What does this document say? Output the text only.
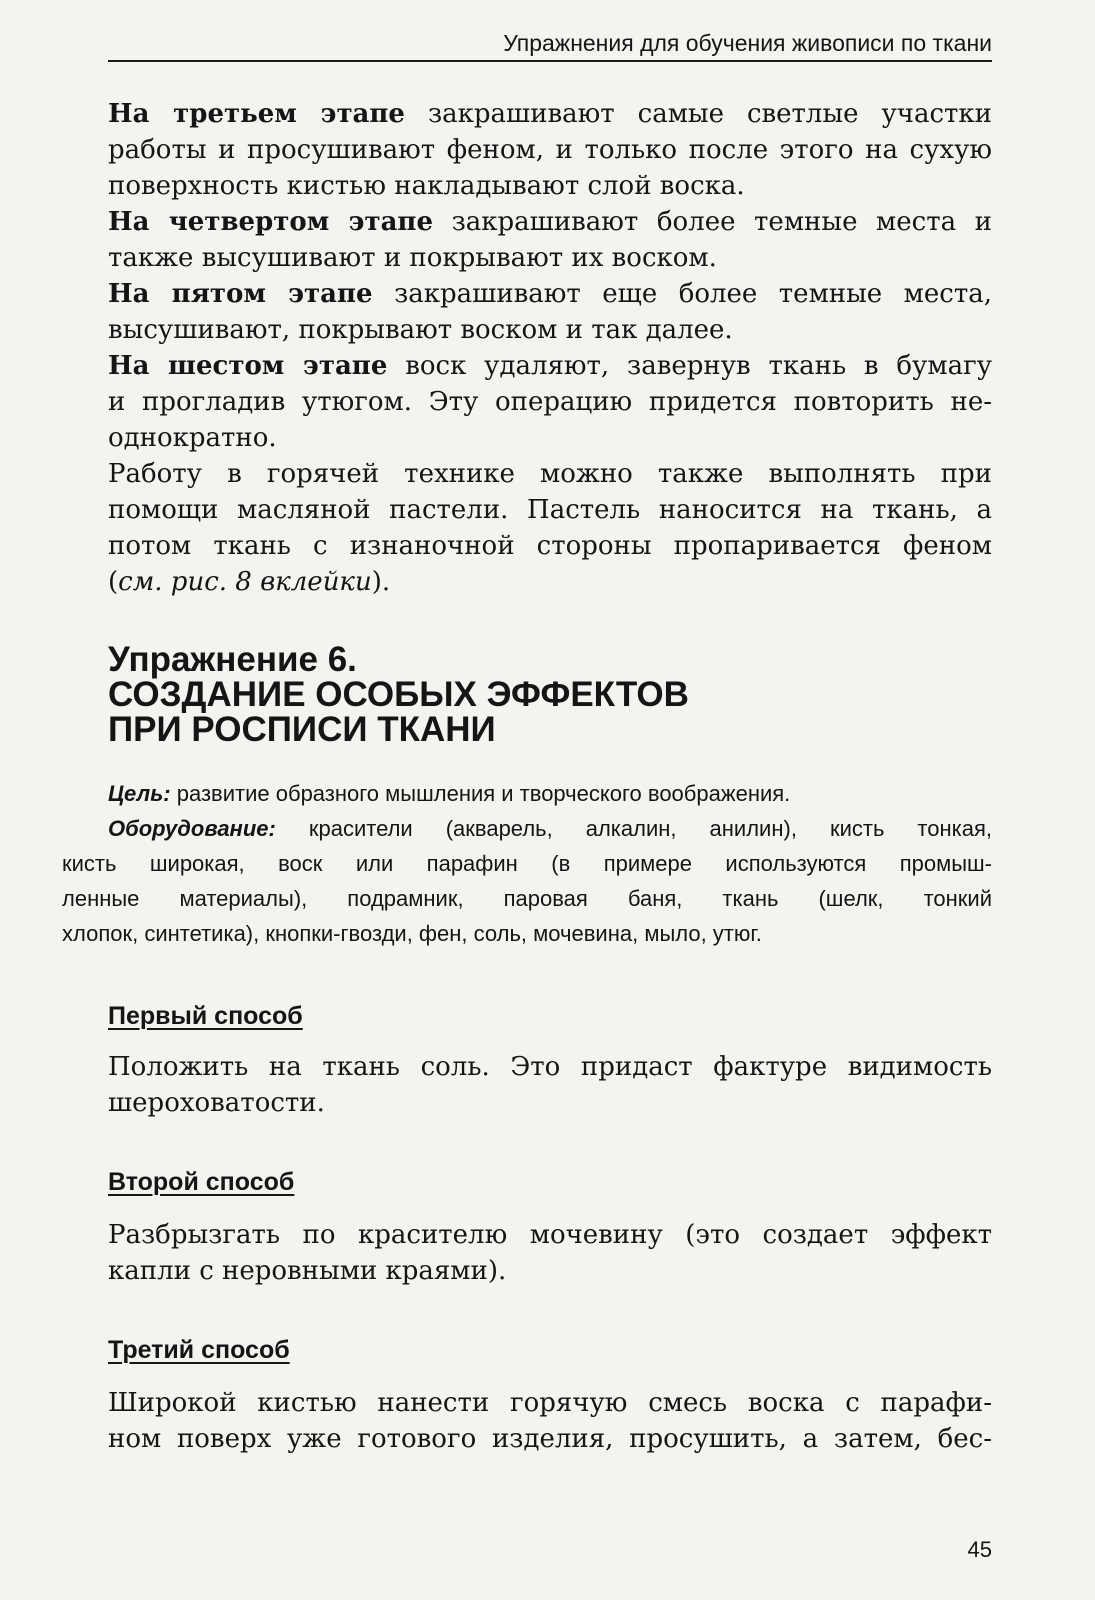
Упражнения для обучения живописи по ткани

На третьем этапе закрашивают самые светлые участки
работы и просушивают феном, и только после этого на сухую
поверхность кистью накладывают слой воска.

На четвертом этапе закрашивают более темные места и
также высушивают и покрывают их воском.

На пятом этапе закрашивают еще более темные места,
высушивают, покрывают воском и так далее.

На шестом этапе воск удаляют, завернув ткань в бумагу
и прогладив утюгом. Эту операцию придется повторить не-
однократно.

Работу в горячей технике можно также выполнять при
помощи масляной пастели. Пастель наносится на ткань, а
потом ткань с изнаночной стороны пропаривается феном
(см. рис. 8 вклейки).

Упражнение 6.
СОЗДАНИЕ ОСОБЫХ ЭФФЕКТОВ
ПРИ РОСПИСИ ТКАНИ
Цель: развитие образного мышления и творческого воображения.
Оборудование: красители (акварель, алкалин, анилин), кисть тонкая,
кисть широкая, воск или парафин (в примере используются промыш-
ленные материалы), подрамник, паровая баня, ткань (шелк, тонкий
хлопок, синтетика), кнопки-гвозди, фен, соль, мочевина, мыло, утюг.
Первый способ

Положить на ткань соль. Это придаст фактуре видимость
шероховатости.

Второй способ

Разбрызгать по красителю мочевину (это создает эффект
капли с неровными краями).

Третий способ

Широкой кистью нанести горячую смесь воска с парафи-
ном поверх уже готового изделия, просушить, а затем, бес-

45
